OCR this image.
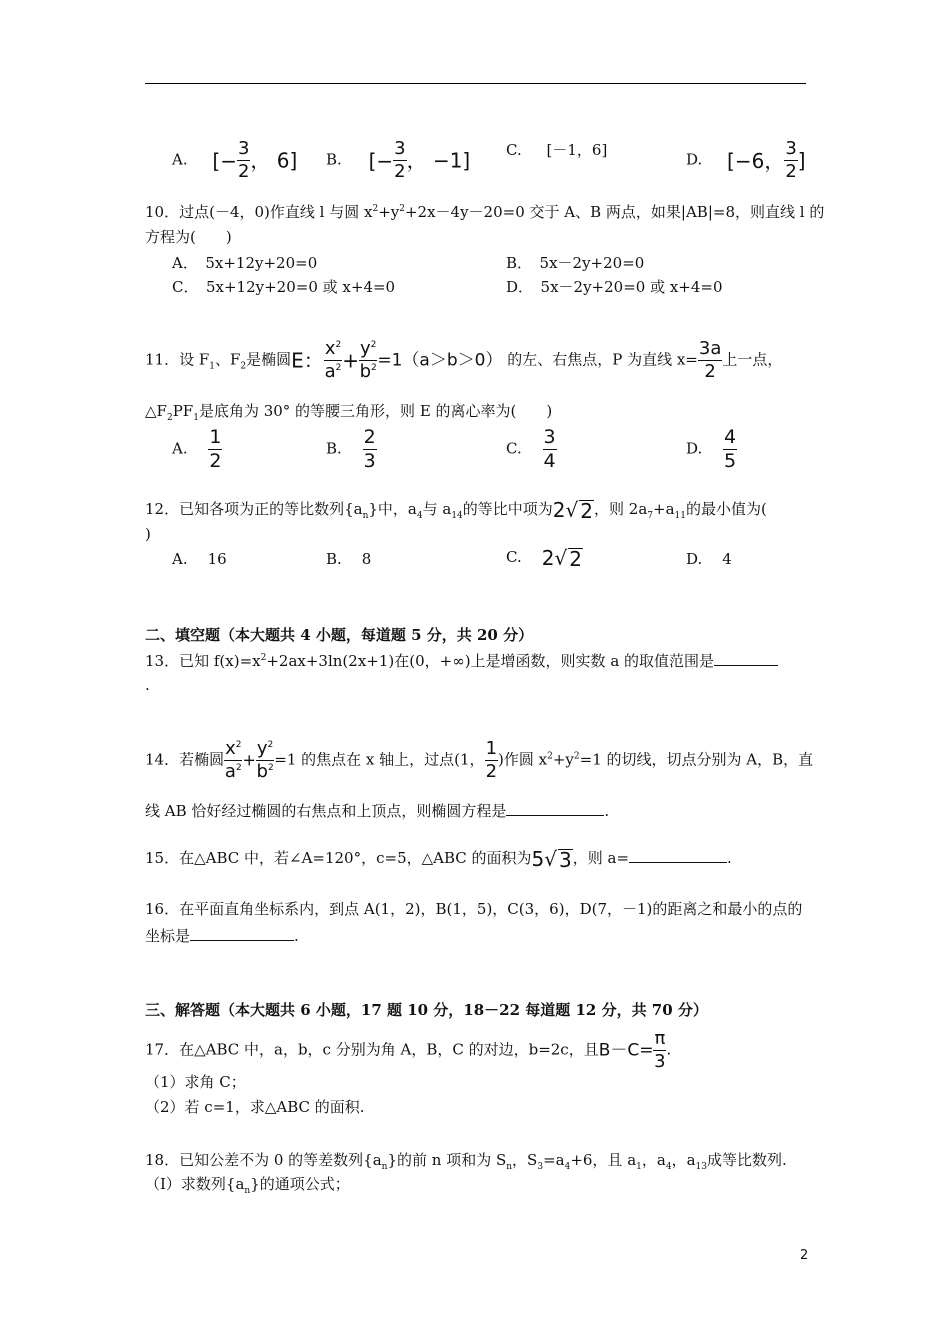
A. [− $\frac{3}{2}$ ， 6] B. [− $\frac{3}{2}$ ， −1] C. [－1，6]
D. [−6， $\frac{3}{2}$ ]
10．过点(－4，0)作直线 l 与圆 $x^2+y^2+2x-4y-20=0$ 交于 A、B 两点，如果|AB|=8，则直线 l 的
方程为(　　)
A．　5x+12y+20=0	B．　5x－2y+20=0
C．　5x+12y+20=0 或 x+4=0	D．　5x－2y+20=0 或 x+4=0
11．设 $F_1$、$F_2$是椭圆E： $\frac{x^2}{a^2} + \frac{y^2}{b^2} =1(a>b>0)$ 的左、右焦点，P 为直线 $x= \frac{3a}{2}$ 上一点，
$\triangle F_2PF_1$是底角为 30° 的等腰三角形，则 E 的离心率为(　　)
A. $\frac{1}{2}$	B. $\frac{2}{3}$	C. $\frac{3}{4}$	D. $\frac{4}{5}$
12．已知各项为正的等比数列$\{a_n\}$中，$a_4$与 $a_{14}$的等比中项为2√ 2，则 $2a_7+a_{11}$的最小值为(
)
A. 16	B. 8	C. 2√ 2	D. 4
二、填空题（本大题共 4 小题，每道题 5 分，共 20 分）
13．已知 $f(x)=x^2+2ax+3\ln(2x+1)$在(0，+∞)上是增函数，则实数 a 的取值范围是
.
14．若椭圆 $\frac{x^2}{a^2} + \frac{y^2}{b^2} =1$ 的焦点在 x 轴上，过点(1， $\frac{1}{2}$ )作圆 $x^2+y^2=1$ 的切线，切点分别为 A，B，直
线 AB 恰好经过椭圆的右焦点和上顶点，则椭圆方程是	.
15．在△ABC 中，若∠A=120°，c=5，△ABC 的面积为5√ 3，则 a=	.
16．在平面直角坐标系内，到点 A(1，2)，B(1，5)，C(3，6)，D(7，－1)的距离之和最小的点的
坐标是	.
三、解答题（本大题共 6 小题，17 题 10 分，18－22 每道题 12 分，共 70 分）
17．在△ABC 中，a，b，c 分别为角 A，B，C 的对边，b=2c，且$B-C= \frac{\pi}{3}$ .
（1）求角 C；
（2）若 c=1，求△ABC 的面积.
18．已知公差不为 0 的等差数列$\{a_n\}$的前 n 项和为 $S_n$，$S_3=a_4+6$，且 $a_1$，$a_4$，$a_{13}$成等比数列.
（Ⅰ）求数列$\{a_n\}$的通项公式；
2
